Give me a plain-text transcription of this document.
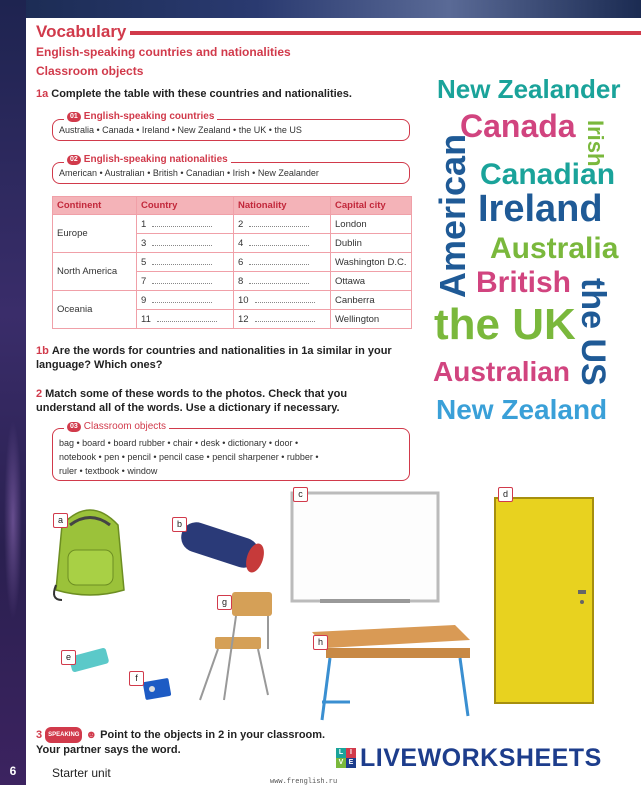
Vocabulary
English-speaking countries and nationalities
Classroom objects
1a Complete the table with these countries and nationalities.
Australia • Canada • Ireland • New Zealand • the UK • the US
01 English-speaking countries
American • Australian • British • Canadian • Irish • New Zealander
02 English-speaking nationalities
Continent	Country	Nationality	Capital city
Europe	1	2	London
	3	4	Dublin
North America	5	6	Washington D.C.
	7	8	Ottawa
Oceania	9	10	Canberra
	11	12	Wellington
1b Are the words for countries and nationalities in 1a similar in your language? Which ones?
2 Match some of these words to the photos. Check that you understand all of the words. Use a dictionary if necessary.
bag • board • board rubber • chair • desk • dictionary • door •
notebook • pen • pencil • pencil case • pencil sharpener • rubber •
ruler • textbook • window
03 Classroom objects
New Zealander
Canada Irish
American Canadian
Ireland
Australia
British
the UK
the US
Australian
New Zealand
a	b
c	d
e
f
g
h
3 SPEAKING ☻ Point to the objects in 2 in your classroom.
Your partner says the word.
6	Starter unit
L I
V E LIVEWORKSHEETS
www.frenglish.ru
